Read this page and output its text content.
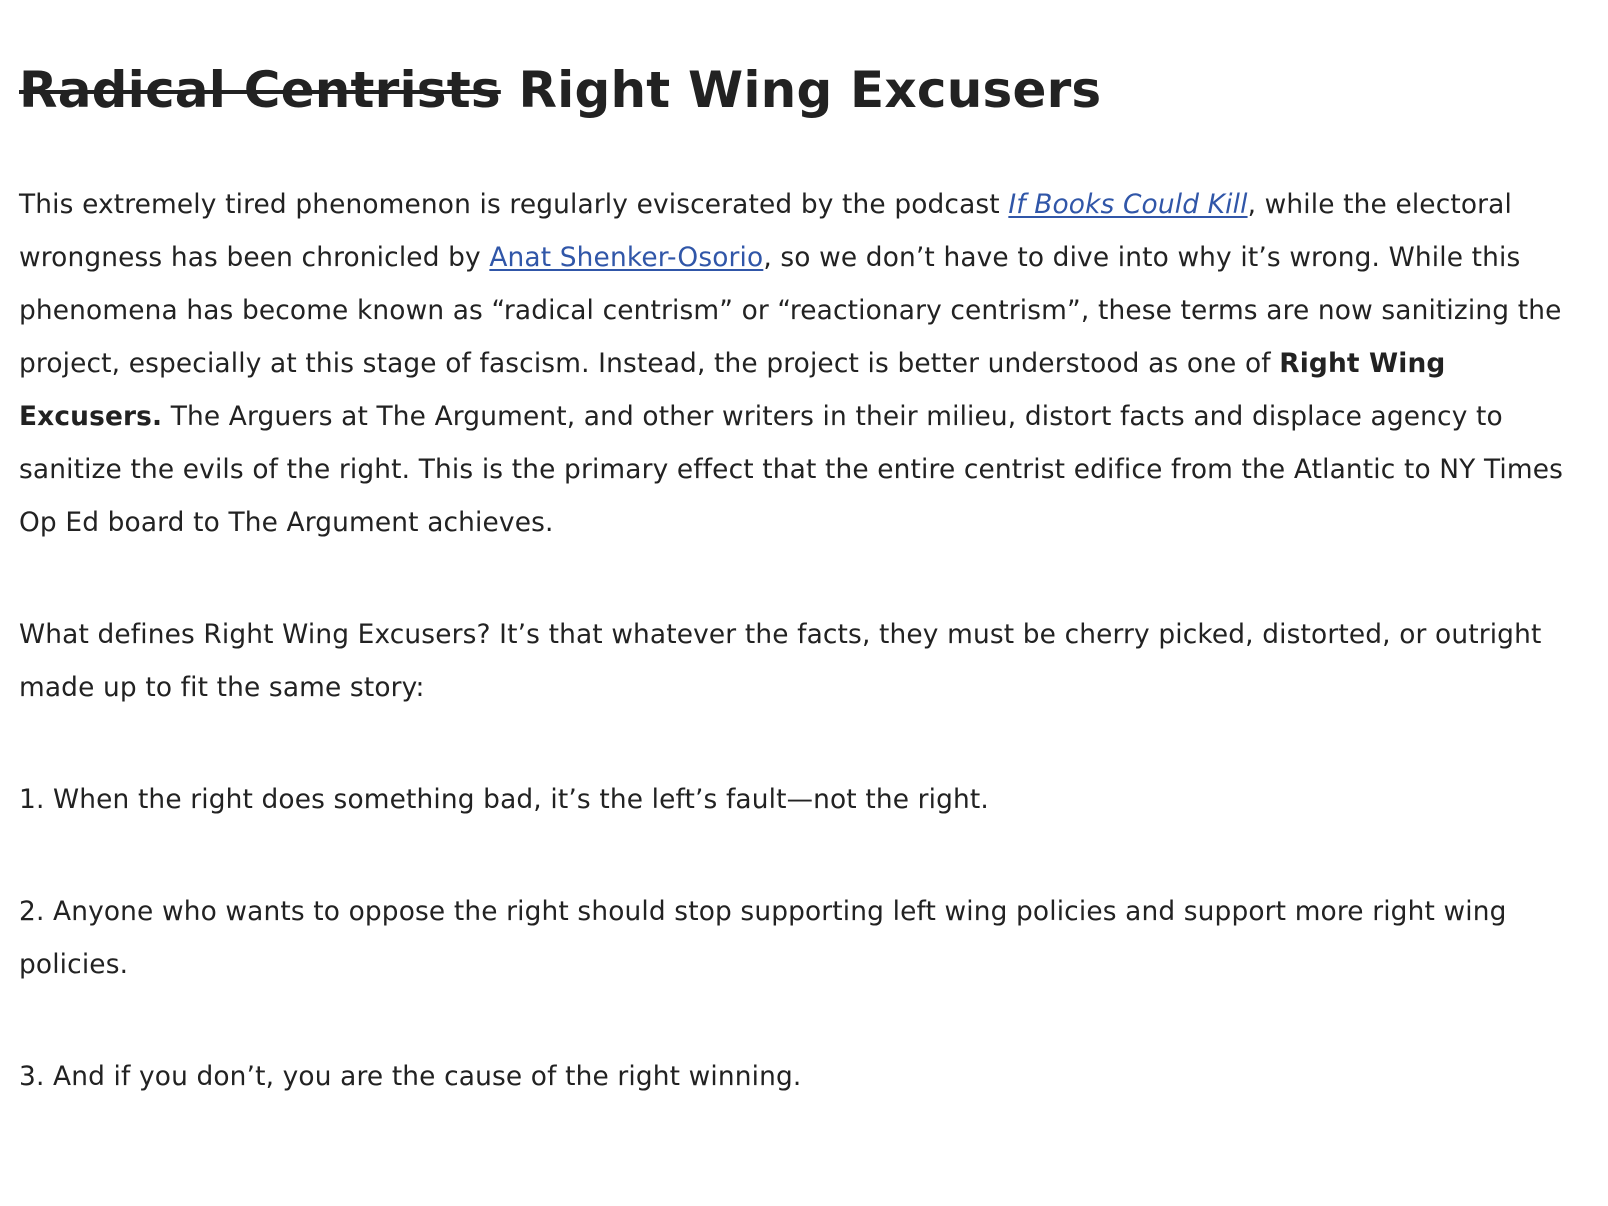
Radical Centrists Right Wing Excusers

This extremely tired phenomenon is regularly eviscerated by the podcast If Books Could Kill, while the electoral wrongness has been chronicled by Anat Shenker-Osorio, so we don’t have to dive into why it’s wrong. While this phenomena has become known as “radical centrism” or “reactionary centrism”, these terms are now sanitizing the project, especially at this stage of fascism. Instead, the project is better understood as one of Right Wing Excusers. The Arguers at The Argument, and other writers in their milieu, distort facts and displace agency to sanitize the evils of the right. This is the primary effect that the entire centrist edifice from the Atlantic to NY Times Op Ed board to The Argument achieves.

What defines Right Wing Excusers? It’s that whatever the facts, they must be cherry picked, distorted, or outright made up to fit the same story:

1. When the right does something bad, it’s the left’s fault—not the right.

2. Anyone who wants to oppose the right should stop supporting left wing policies and support more right wing policies.

3. And if you don’t, you are the cause of the right winning.
